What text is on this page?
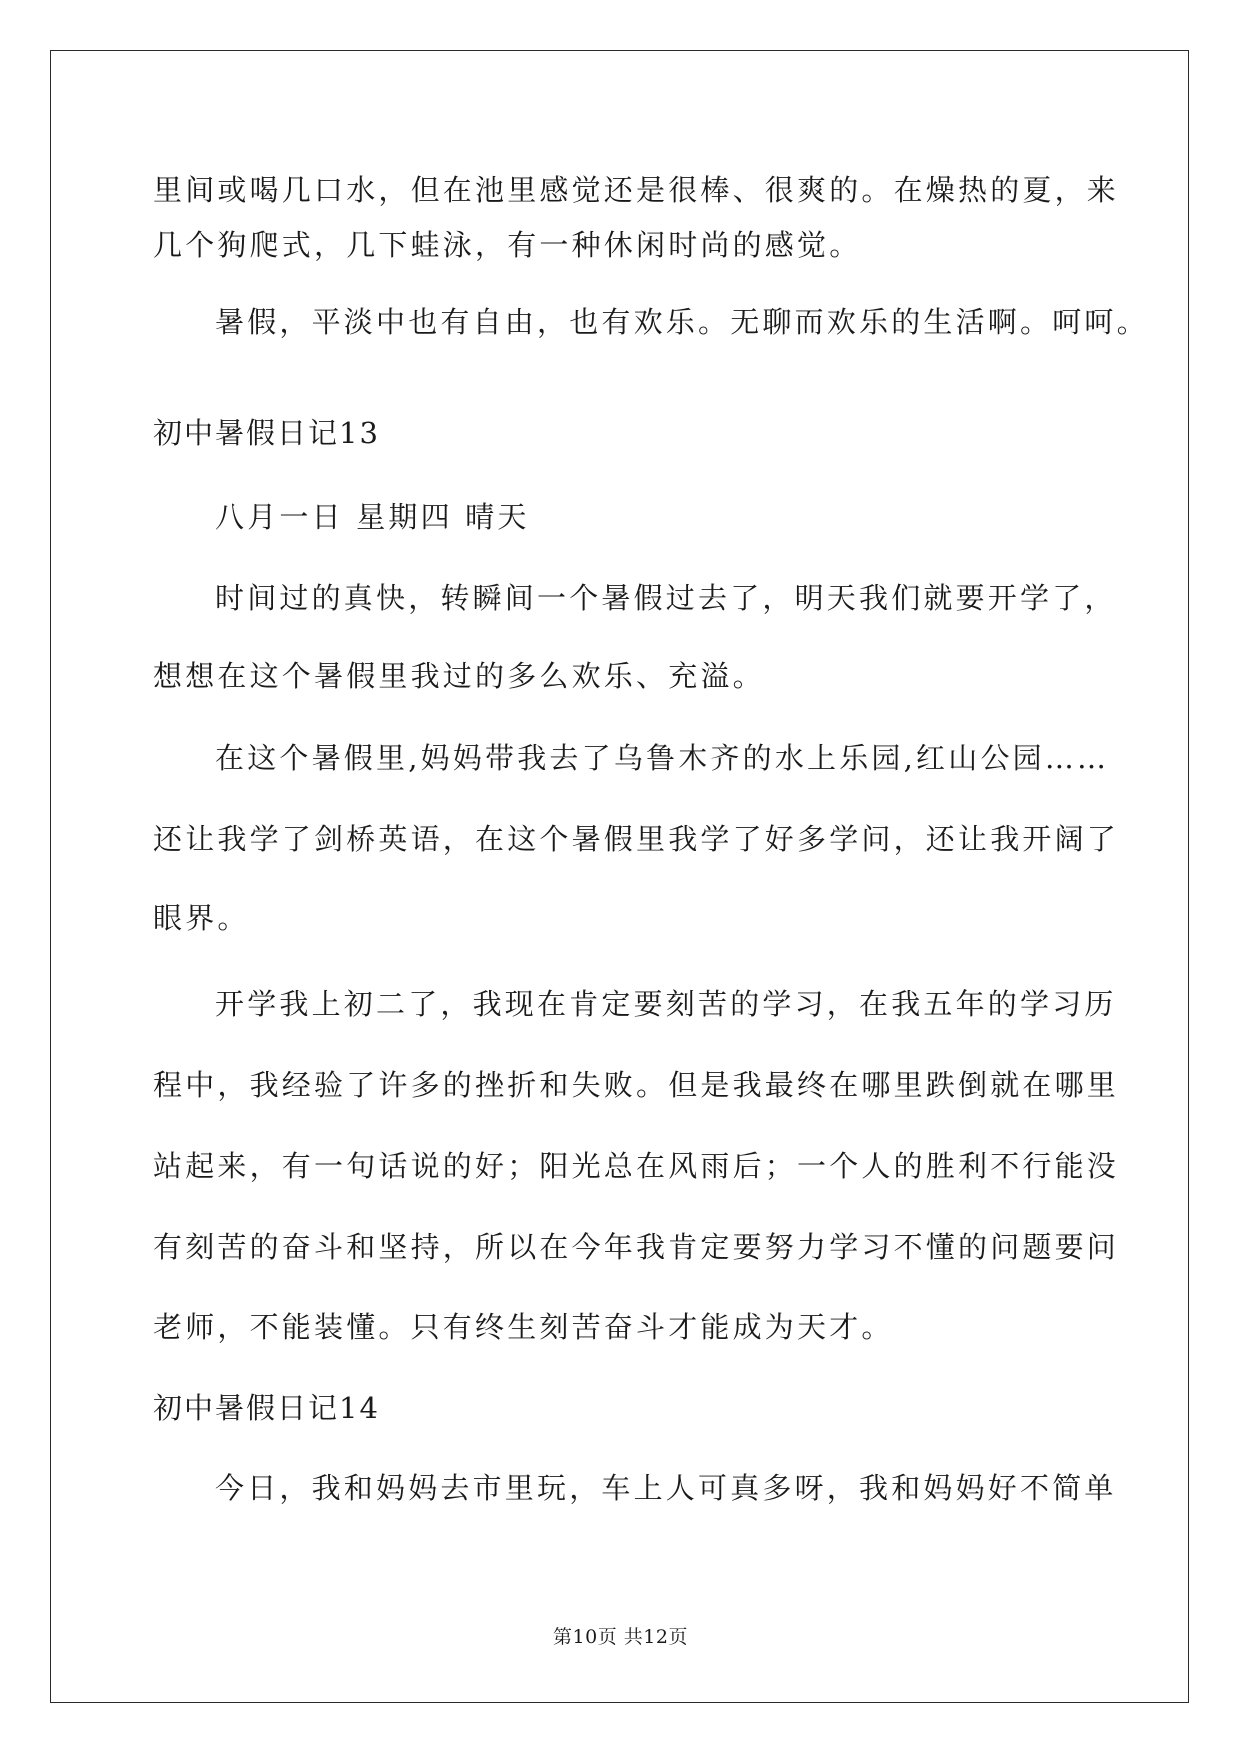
里间或喝几口水，但在池里感觉还是很棒、很爽的。在燥热的夏，来
几个狗爬式，几下蛙泳，有一种休闲时尚的感觉。
暑假，平淡中也有自由，也有欢乐。无聊而欢乐的生活啊。呵呵。
初中暑假日记13
八月一日 星期四 晴天
时间过的真快，转瞬间一个暑假过去了，明天我们就要开学了，
想想在这个暑假里我过的多么欢乐、充溢。
在这个暑假里,妈妈带我去了乌鲁木齐的水上乐园,红山公园……
还让我学了剑桥英语，在这个暑假里我学了好多学问，还让我开阔了
眼界。
开学我上初二了，我现在肯定要刻苦的学习，在我五年的学习历
程中，我经验了许多的挫折和失败。但是我最终在哪里跌倒就在哪里
站起来，有一句话说的好；阳光总在风雨后；一个人的胜利不行能没
有刻苦的奋斗和坚持，所以在今年我肯定要努力学习不懂的问题要问
老师，不能装懂。只有终生刻苦奋斗才能成为天才。
初中暑假日记14
今日，我和妈妈去市里玩，车上人可真多呀，我和妈妈好不简单
第10页 共12页
